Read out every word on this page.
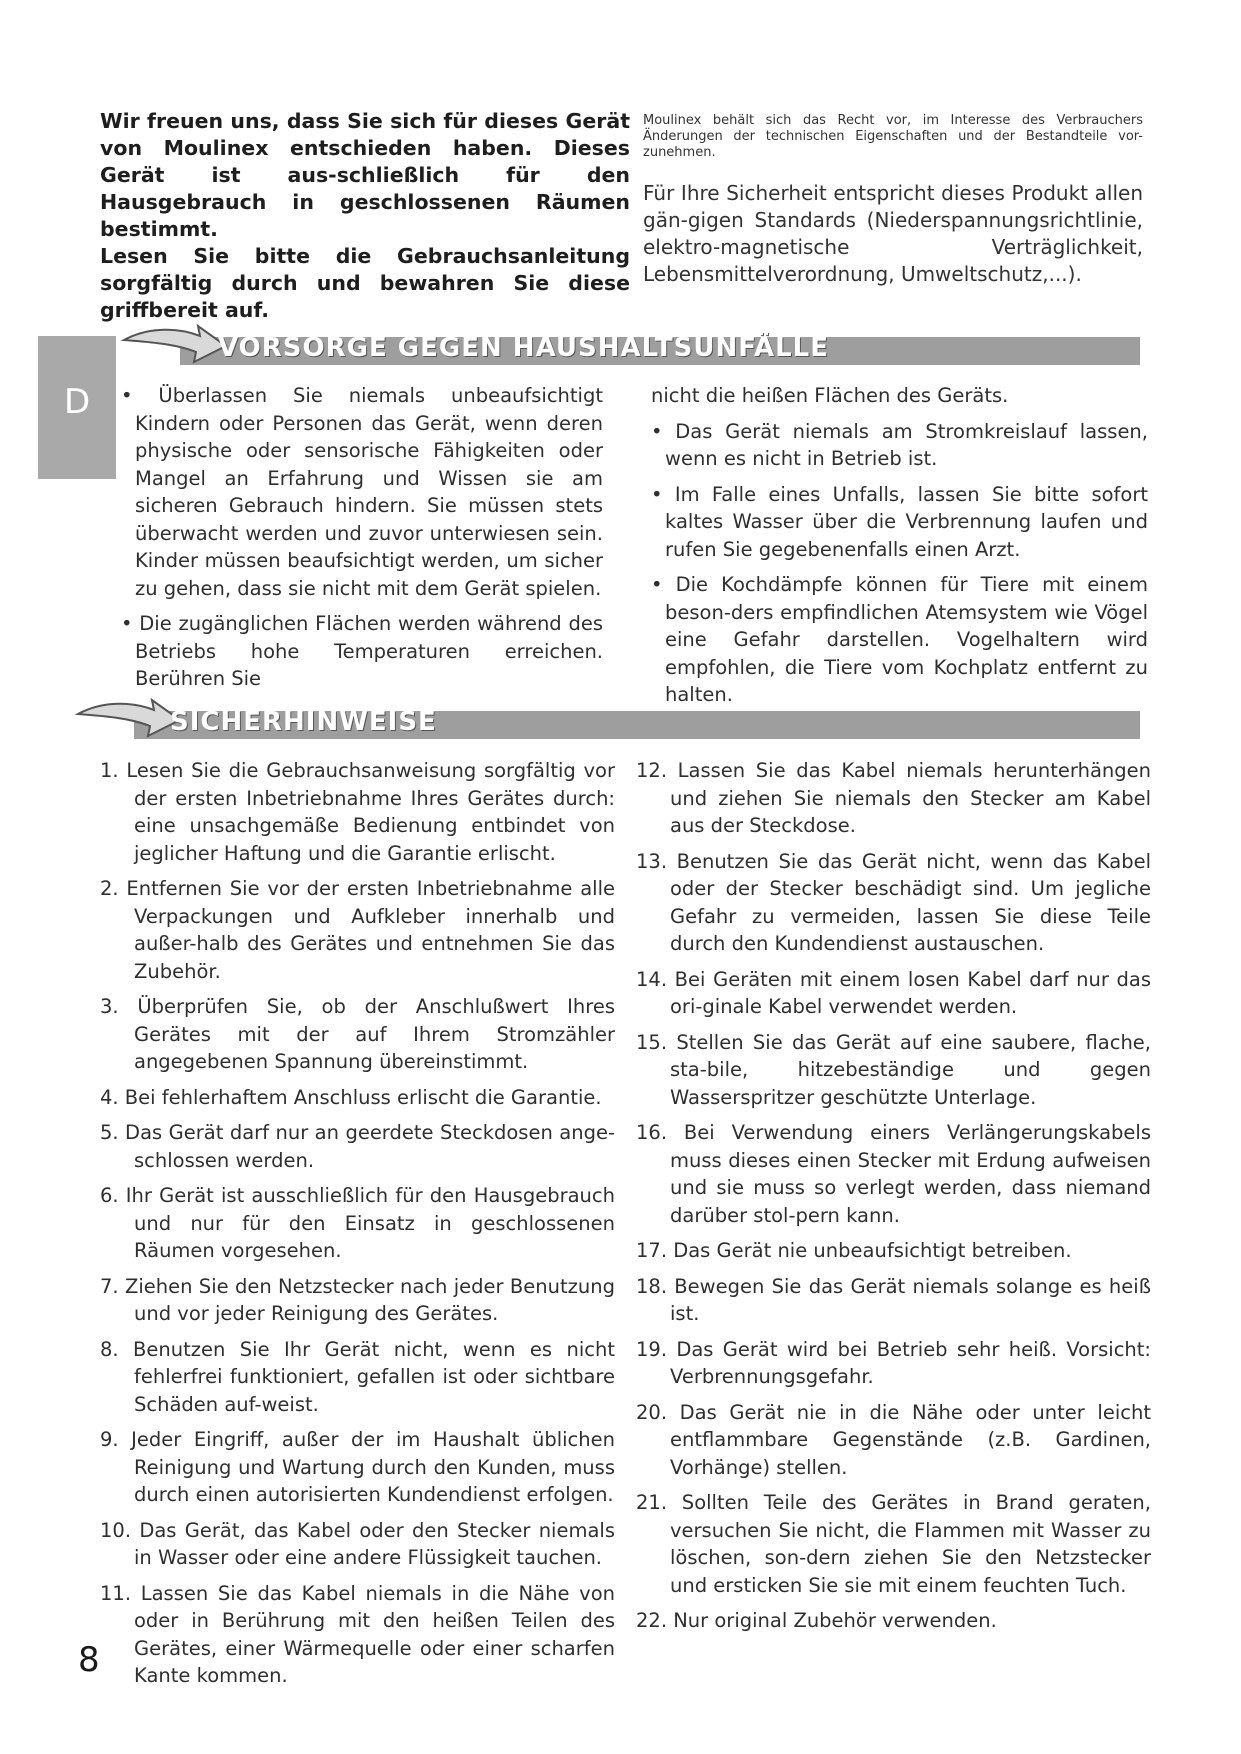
Wir freuen uns, dass Sie sich für dieses Gerät von Moulinex entschieden haben. Dieses Gerät ist aus-schließlich für den Hausgebrauch in geschlossenen Räumen bestimmt.

Lesen Sie bitte die Gebrauchsanleitung sorgfältig durch und bewahren Sie diese griffbereit auf.

Moulinex behält sich das Recht vor, im Interesse des Verbrauchers Änderungen der technischen Eigenschaften und der Bestandteile vor-zunehmen.
Für Ihre Sicherheit entspricht dieses Produkt allen gän-gigen Standards (Niederspannungsrichtlinie, elektro-magnetische Verträglichkeit, Lebensmittelverordnung, Umweltschutz,...).
D
VORSORGE GEGEN HAUSHALTSUNFÄLLE

• Überlassen Sie niemals unbeaufsichtigt Kindern oder Personen das Gerät, wenn deren physische oder sensorische Fähigkeiten oder Mangel an Erfahrung und Wissen sie am sicheren Gebrauch hindern. Sie müssen stets überwacht werden und zuvor unterwiesen sein. Kinder müssen beaufsichtigt werden, um sicher zu gehen, dass sie nicht mit dem Gerät spielen.

• Die zugänglichen Flächen werden während des Betriebs hohe Temperaturen erreichen. Berühren Sie

nicht die heißen Flächen des Geräts.

• Das Gerät niemals am Stromkreislauf lassen, wenn es nicht in Betrieb ist.

• Im Falle eines Unfalls, lassen Sie bitte sofort kaltes Wasser über die Verbrennung laufen und rufen Sie gegebenenfalls einen Arzt.

• Die Kochdämpfe können für Tiere mit einem beson-ders empfindlichen Atemsystem wie Vögel eine Gefahr darstellen. Vogelhaltern wird empfohlen, die Tiere vom Kochplatz entfernt zu halten.

SICHERHINWEISE

1. Lesen Sie die Gebrauchsanweisung sorgfältig vor der ersten Inbetriebnahme Ihres Gerätes durch: eine unsachgemäße Bedienung entbindet von jeglicher Haftung und die Garantie erlischt.

2. Entfernen Sie vor der ersten Inbetriebnahme alle Verpackungen und Aufkleber innerhalb und außer-halb des Gerätes und entnehmen Sie das Zubehör.

3. Überprüfen Sie, ob der Anschlußwert Ihres Gerätes mit der auf Ihrem Stromzähler angegebenen Spannung übereinstimmt.

4. Bei fehlerhaftem Anschluss erlischt die Garantie.

5. Das Gerät darf nur an geerdete Steckdosen ange-schlossen werden.

6. Ihr Gerät ist ausschließlich für den Hausgebrauch und nur für den Einsatz in geschlossenen Räumen vorgesehen.

7. Ziehen Sie den Netzstecker nach jeder Benutzung und vor jeder Reinigung des Gerätes.

8. Benutzen Sie Ihr Gerät nicht, wenn es nicht fehlerfrei funktioniert, gefallen ist oder sichtbare Schäden auf-weist.

9. Jeder Eingriff, außer der im Haushalt üblichen Reinigung und Wartung durch den Kunden, muss durch einen autorisierten Kundendienst erfolgen.

10. Das Gerät, das Kabel oder den Stecker niemals in Wasser oder eine andere Flüssigkeit tauchen.

11. Lassen Sie das Kabel niemals in die Nähe von oder in Berührung mit den heißen Teilen des Gerätes, einer Wärmequelle oder einer scharfen Kante kommen.

12. Lassen Sie das Kabel niemals herunterhängen und ziehen Sie niemals den Stecker am Kabel aus der Steckdose.

13. Benutzen Sie das Gerät nicht, wenn das Kabel oder der Stecker beschädigt sind. Um jegliche Gefahr zu vermeiden, lassen Sie diese Teile durch den Kundendienst austauschen.

14. Bei Geräten mit einem losen Kabel darf nur das ori-ginale Kabel verwendet werden.

15. Stellen Sie das Gerät auf eine saubere, flache, sta-bile, hitzebeständige und gegen Wasserspritzer geschützte Unterlage.

16. Bei Verwendung einers Verlängerungskabels muss dieses einen Stecker mit Erdung aufweisen und sie muss so verlegt werden, dass niemand darüber stol-pern kann.

17. Das Gerät nie unbeaufsichtigt betreiben.

18. Bewegen Sie das Gerät niemals solange es heiß ist.

19. Das Gerät wird bei Betrieb sehr heiß. Vorsicht: Verbrennungsgefahr.

20. Das Gerät nie in die Nähe oder unter leicht entflammbare Gegenstände (z.B. Gardinen, Vorhänge) stellen.

21. Sollten Teile des Gerätes in Brand geraten, versuchen Sie nicht, die Flammen mit Wasser zu löschen, son-dern ziehen Sie den Netzstecker und ersticken Sie sie mit einem feuchten Tuch.

22. Nur original Zubehör verwenden.

8
